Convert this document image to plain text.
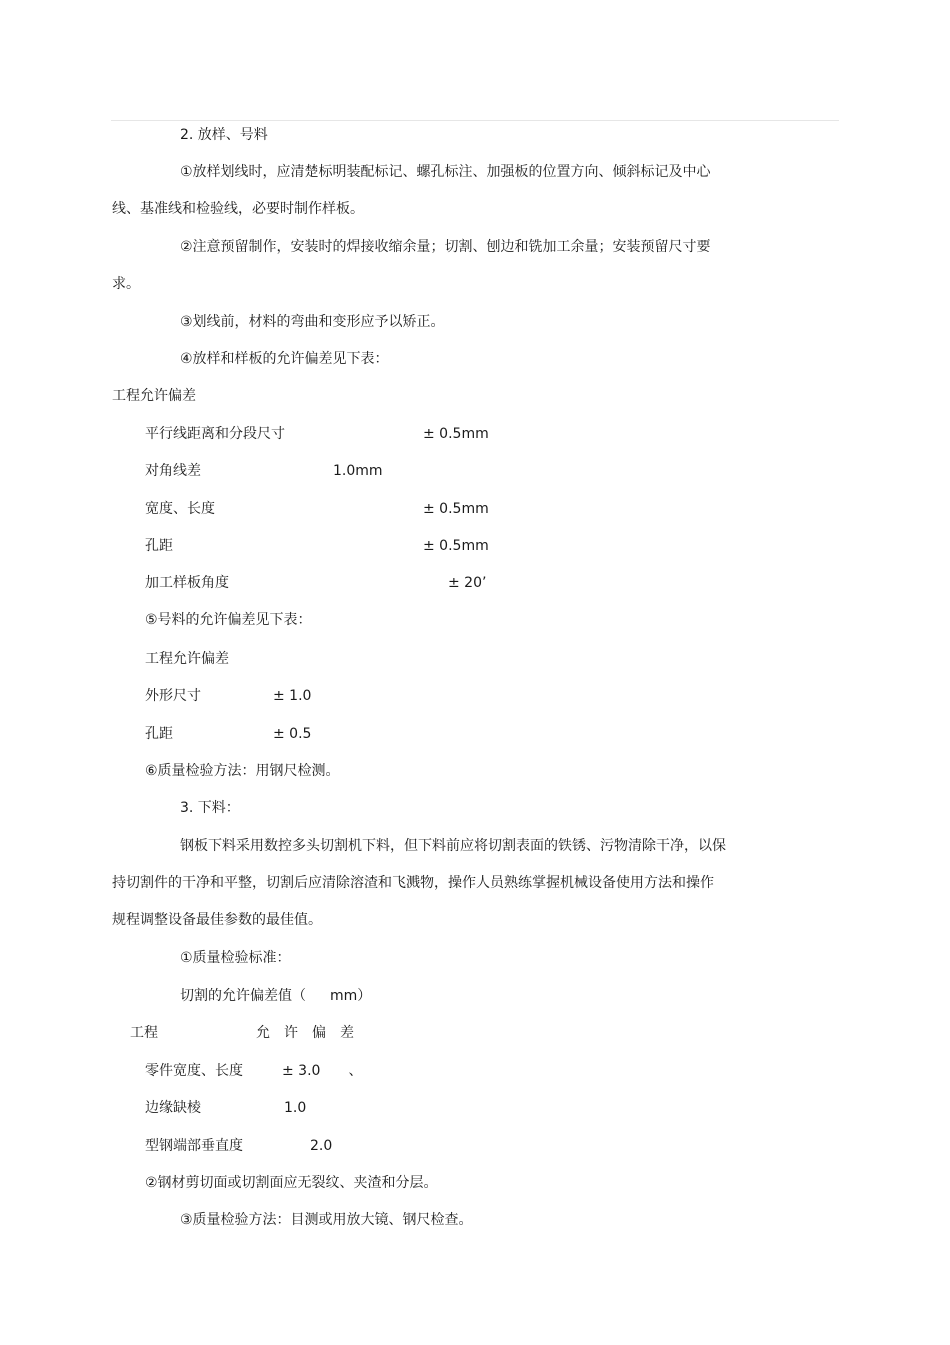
2. 放样、号料
①放样划线时，应清楚标明装配标记、螺孔标注、加强板的位置方向、倾斜标记及中心
线、基准线和检验线，必要时制作样板。
②注意预留制作，安装时的焊接收缩余量；切割、刨边和铣加工余量；安装预留尺寸要
求。
③划线前，材料的弯曲和变形应予以矫正。
④放样和样板的允许偏差见下表：
工程允许偏差
平行线距离和分段尺寸	± 0.5mm
对角线差	1.0mm
宽度、长度	± 0.5mm
孔距	± 0.5mm
加工样板角度	± 20’
⑤号料的允许偏差见下表：
工程允许偏差
外形尺寸	± 1.0
孔距	± 0.5
⑥质量检验方法：用钢尺检测。
3. 下料：
钢板下料采用数控多头切割机下料，但下料前应将切割表面的铁锈、污物清除干净，以保
持切割件的干净和平整，切割后应清除溶渣和飞溅物，操作人员熟练掌握机械设备使用方法和操作
规程调整设备最佳参数的最佳值。
①质量检验标准：
切割的允许偏差值（ mm）
工程	允　许　偏　差
零件宽度、长度	± 3.0　　、
边缘缺棱	1.0
型钢端部垂直度	2.0
②钢材剪切面或切割面应无裂纹、夹渣和分层。
③质量检验方法：目测或用放大镜、钢尺检查。
